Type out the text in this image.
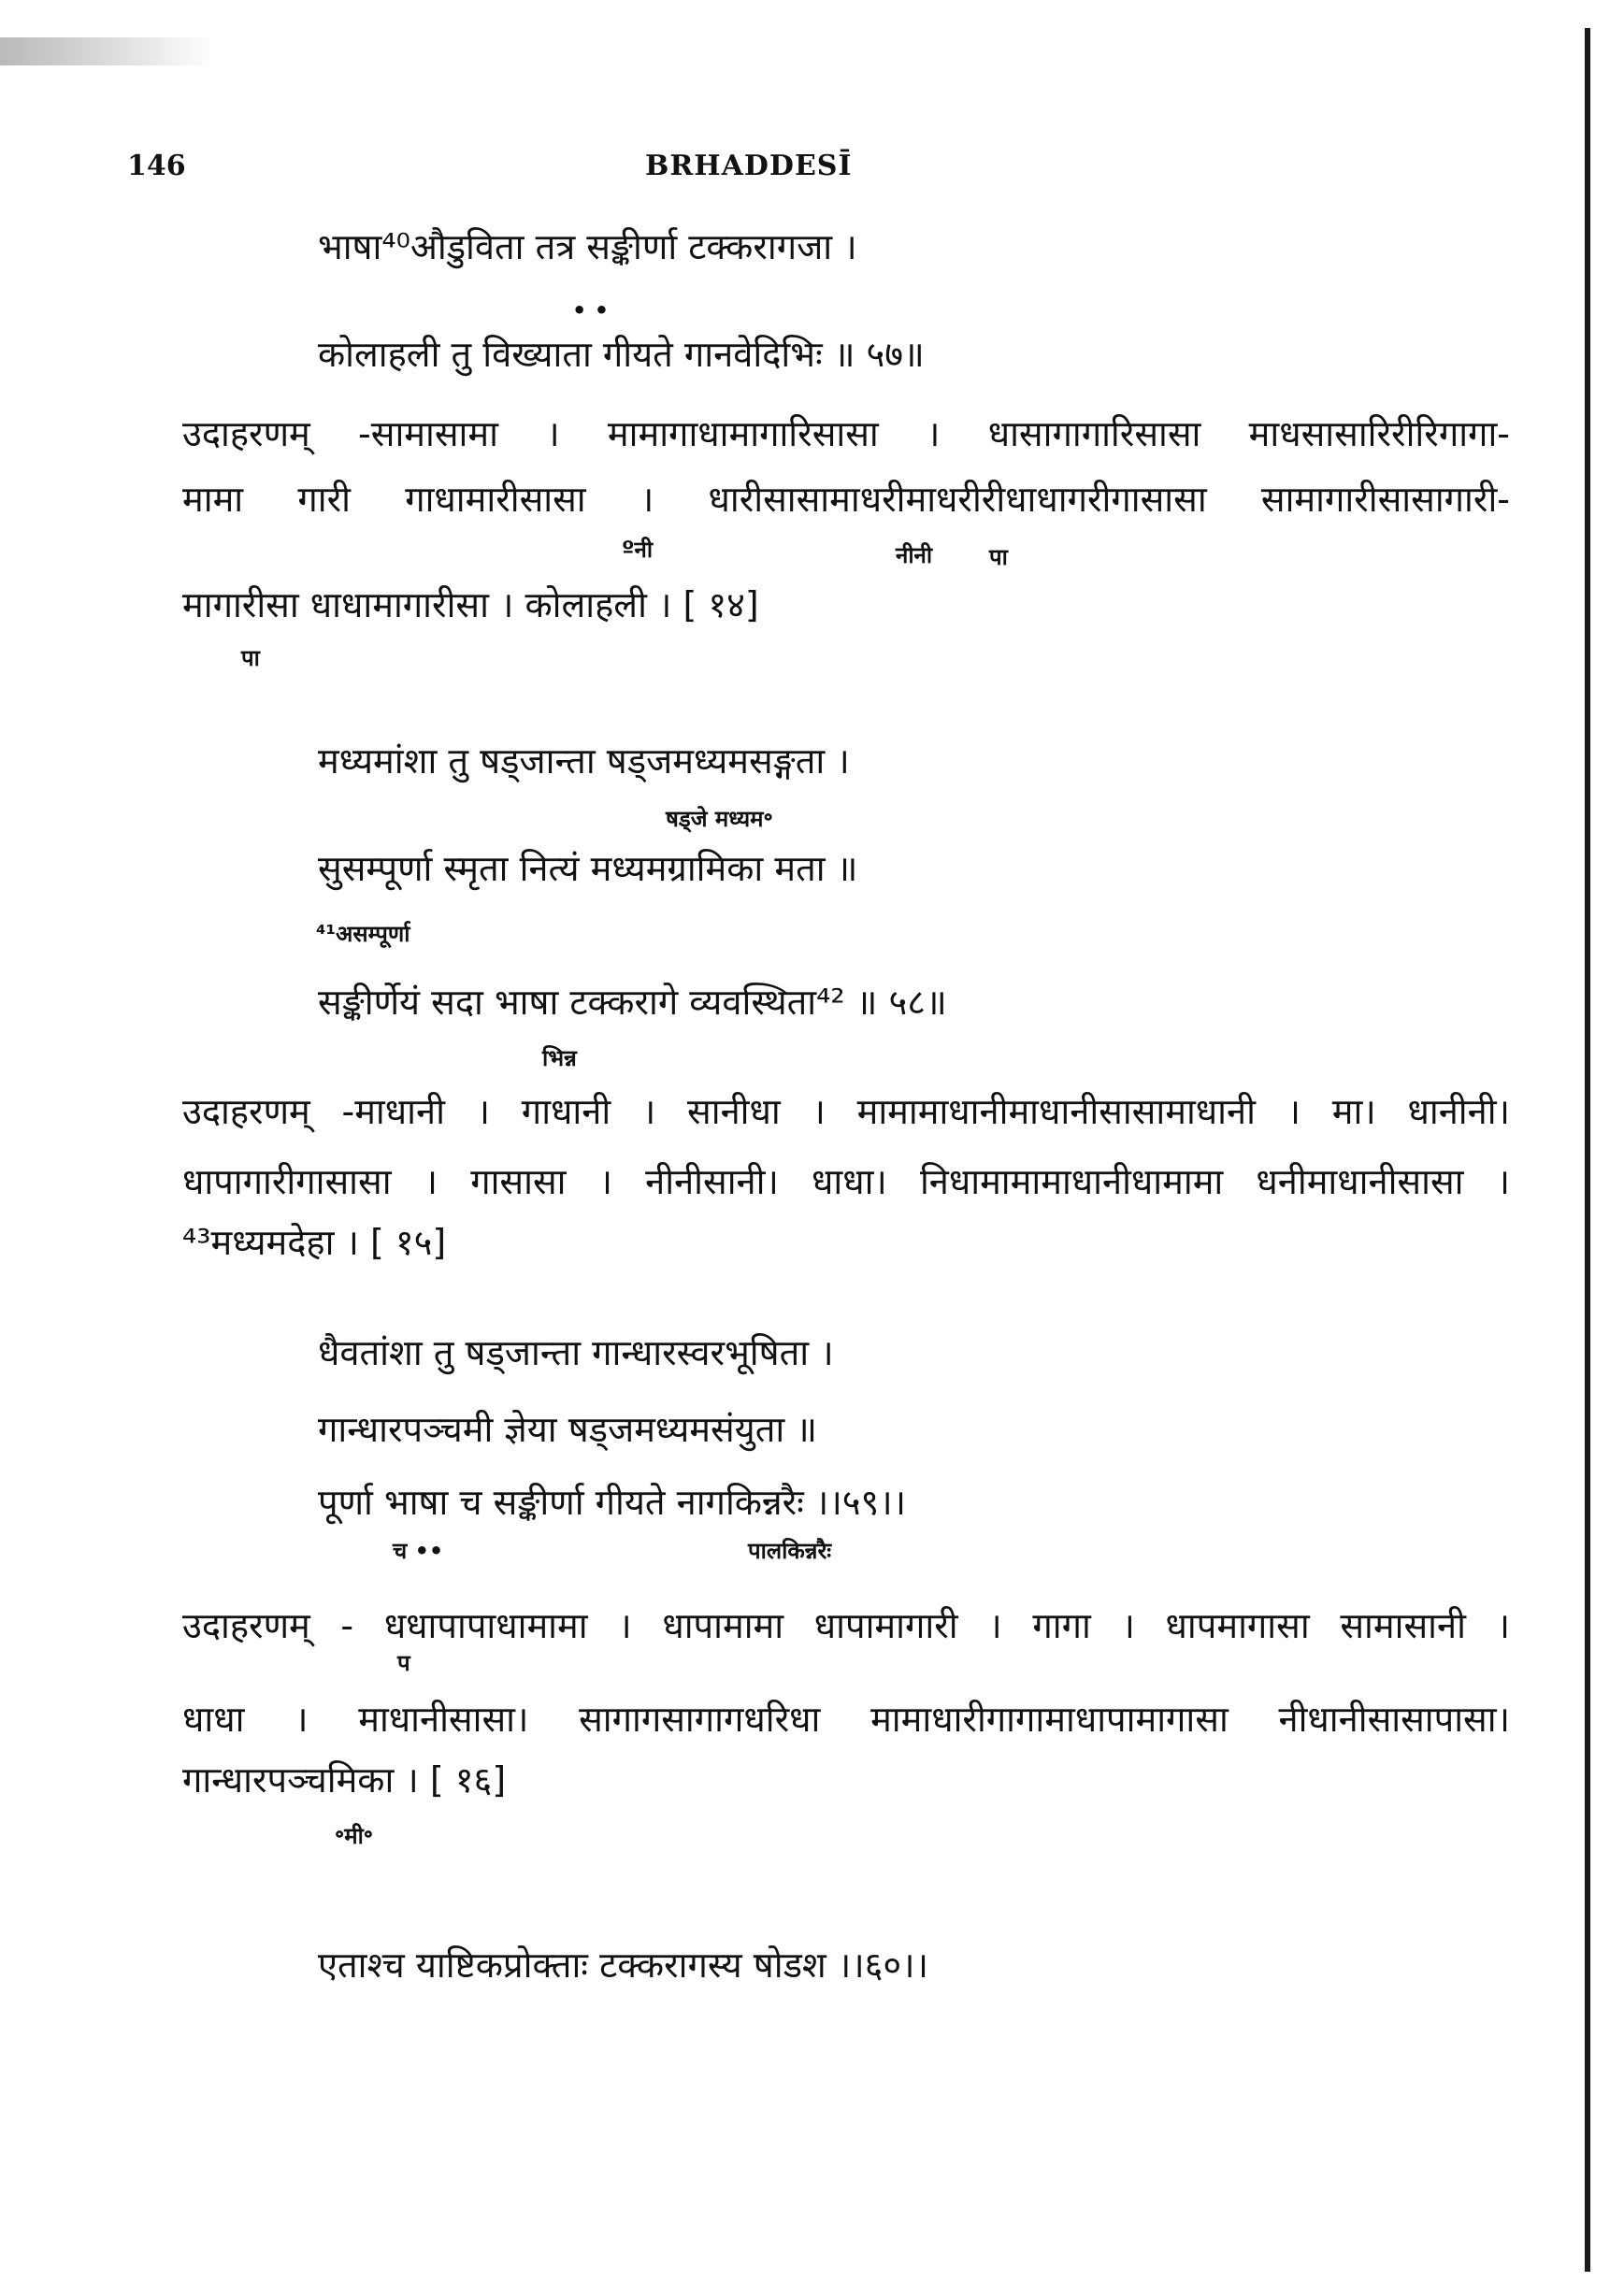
146	BRHADDESĪ
भाषा⁴⁰औडुविता तत्र सङ्कीर्णा टक्करागजा ।
• •
कोलाहली तु विख्याता गीयते गानवेदिभिः ॥ ५७॥
उदाहरणम् -सामासामा । मामागाधामागारिसासा । धासागागारिसासा माधसासारिरीरिगागा-
मामा गारी गाधामारीसासा । धारीसासामाधरीमाधरीरीधाधागरीगासासा सामागारीसासागारी-
ºनी	नीनी	पा
मागारीसा धाधामागारीसा । कोलाहली । [ १४]
पा
मध्यमांशा तु षड्जान्ता षड्जमध्यमसङ्गता ।
षड्जे मध्यम॰
सुसम्पूर्णा स्मृता नित्यं मध्यमग्रामिका मता ॥
⁴¹असम्पूर्णा
सङ्कीर्णेयं सदा भाषा टक्करागे व्यवस्थिता⁴² ॥ ५८॥
भिन्न
उदाहरणम् -माधानी । गाधानी । सानीधा । मामामाधानीमाधानीसासामाधानी । मा। धानीनी।
धापागारीगासासा । गासासा । नीनीसानी। धाधा। निधामामामाधानीधामामा धनीमाधानीसासा ।
⁴³मध्यमदेहा । [ १५]
धैवतांशा तु षड्जान्ता गान्धारस्वरभूषिता ।
गान्धारपञ्चमी ज्ञेया षड्जमध्यमसंयुता ॥
पूर्णा भाषा च सङ्कीर्णा गीयते नागकिन्नरैः ।।५९।।
च ••	पालकिन्नरैः
उदाहरणम् - धधापापाधामामा । धापामामा धापामागारी । गागा । धापमागासा सामासानी ।
प
धाधा । माधानीसासा। सागागसागागधरिधा मामाधारीगागामाधापामागासा नीधानीसासापासा।
गान्धारपञ्चमिका । [ १६]
॰मी॰
एताश्च याष्टिकप्रोक्ताः टक्करागस्य षोडश ।।६०।।
